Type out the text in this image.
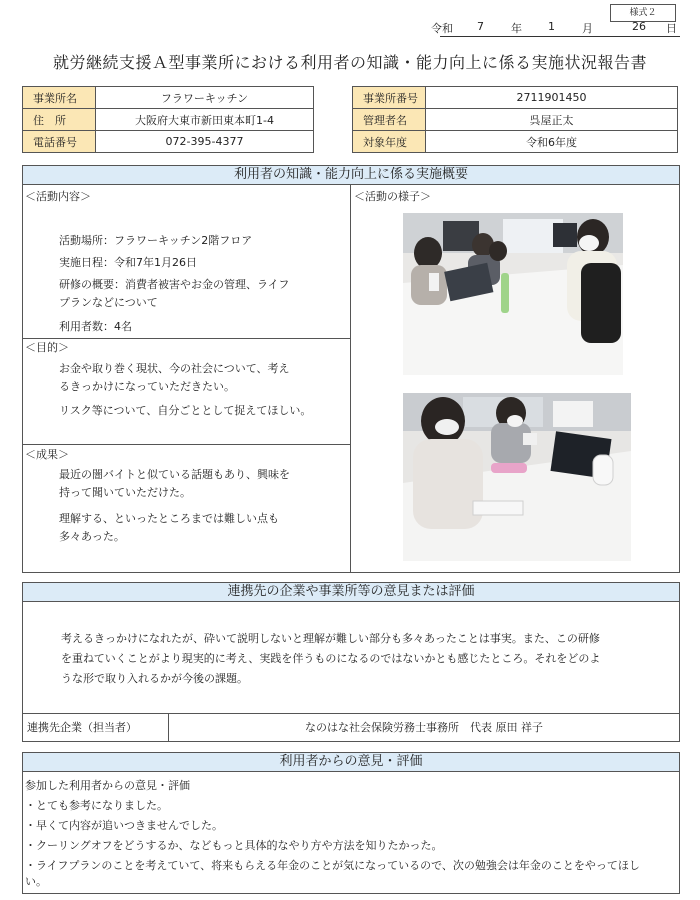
様式２
令和 7 年 1 月	26 日
就労継続支援Ａ型事業所における利用者の知識・能力向上に係る実施状況報告書
事業所名	フラワーキッチン
住　所	大阪府大東市新田東本町1-4
電話番号	072-395-4377
事業所番号	2711901450
管理者名	呉屋正太
対象年度	令和6年度
利用者の知識・能力向上に係る実施概要
＜活動内容＞
活動場所：フラワーキッチン2階フロア
実施日程：令和7年1月26日
研修の概要：消費者被害やお金の管理、ライフ
プランなどについて
利用者数：4名
＜目的＞
お金や取り巻く現状、今の社会について、考え
るきっかけになっていただきたい。
リスク等について、自分ごととして捉えてほしい。
＜成果＞
最近の闇バイトと似ている話題もあり、興味を
持って聞いていただけた。
理解する、といったところまでは難しい点も
多々あった。
＜活動の様子＞
連携先の企業や事業所等の意見または評価
考えるきっかけになれたが、砕いて説明しないと理解が難しい部分も多々あったことは事実。また、この研修
を重ねていくことがより現実的に考え、実践を伴うものになるのではないかとも感じたところ。それをどのよ
うな形で取り入れるかが今後の課題。
連携先企業（担当者）	なのはな社会保険労務士事務所　代表 原田 祥子
利用者からの意見・評価
参加した利用者からの意見・評価
・とても参考になりました。
・早くて内容が追いつきませんでした。
・クーリングオフをどうするか、などもっと具体的なやり方や方法を知りたかった。
・ライフプランのことを考えていて、将来もらえる年金のことが気になっているので、次の勉強会は年金のことをやってほし
い。
